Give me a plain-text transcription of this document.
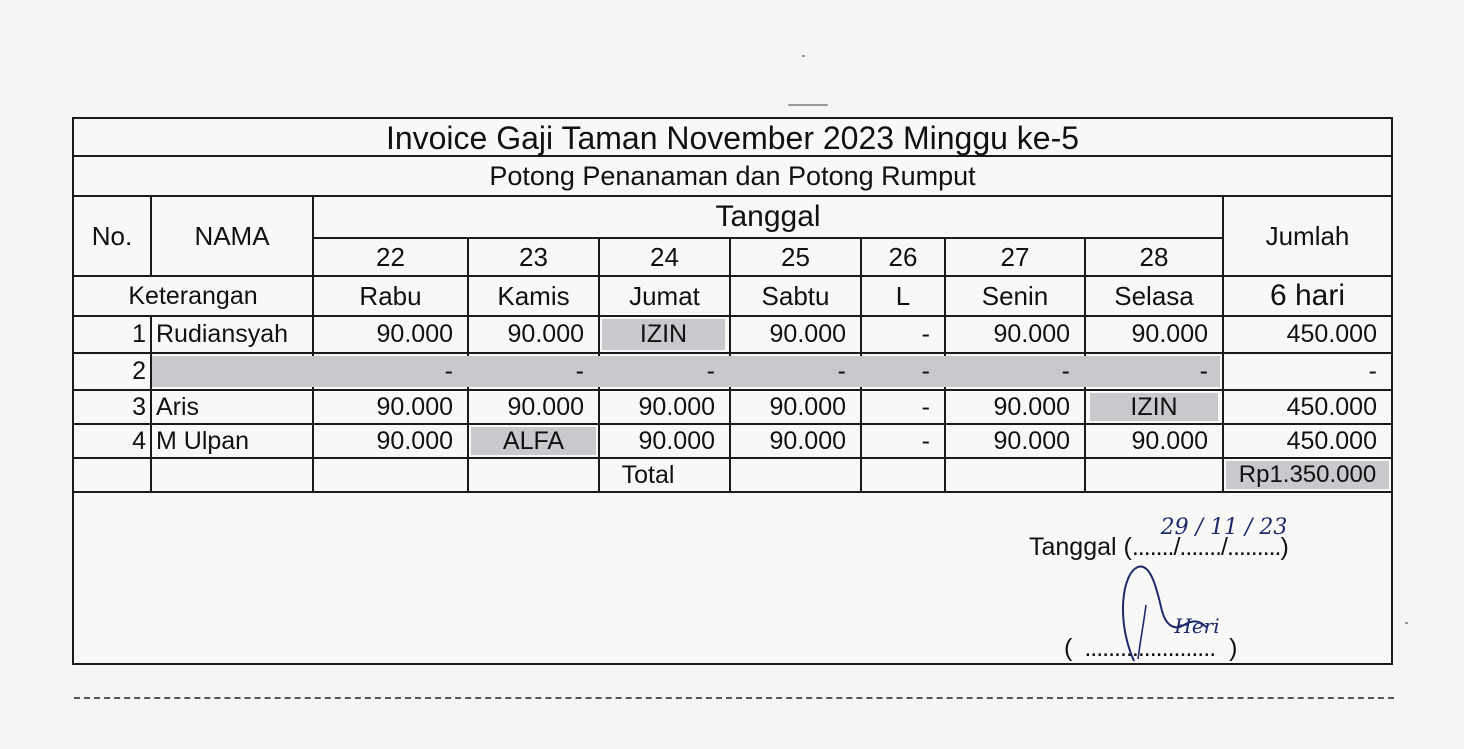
Invoice Gaji Taman November 2023 Minggu ke-5
Potong Penanaman dan Potong Rumput
No.	NAMA
Tanggal
Jumlah
22	23	24	25	26	27	28
Keterangan	Rabu	Kamis	Jumat	Sabtu	L	Senin	Selasa	6 hari
1 Rudiansyah	90.000	90.000	IZIN	90.000	-	90.000	90.000	450.000
2	-	-	-	-	-	-	-	-
3 Aris	90.000	90.000	90.000	90.000	-	90.000	IZIN	450.000
4 M Ulpan	90.000	ALFA	90.000	90.000	-	90.000	90.000	450.000
Total	Rp1.350.000
Tanggal ( ......./......./......... )
29 / 11 / 23
( ...................... )
Heri
